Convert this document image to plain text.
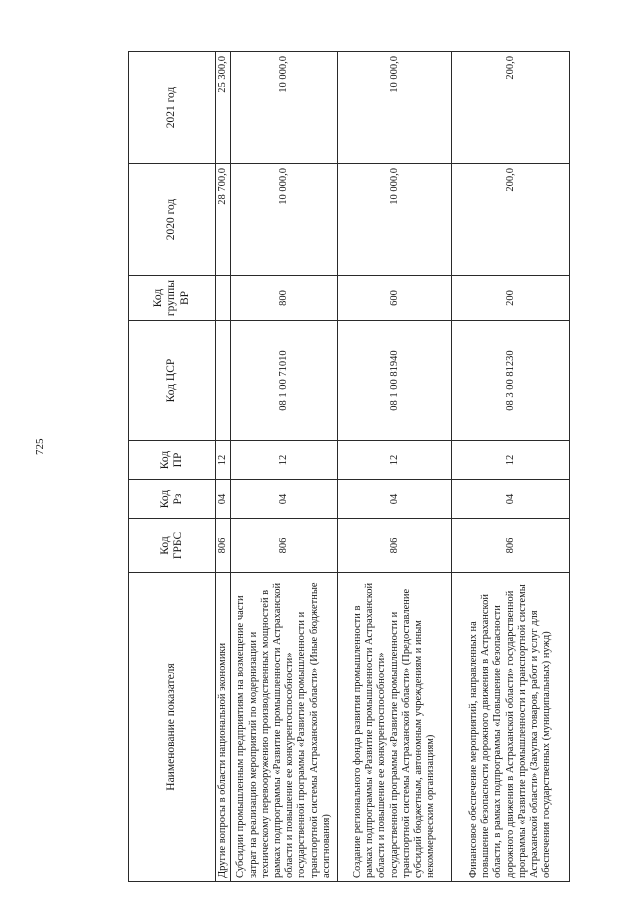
725
Наименование показателя	Код ГРБС	Код Рз	Код ПР	Код ЦСР	Код группы ВР	2020 год	2021 год
Другие вопросы в области национальной экономики	806	04	12			28 700,0	25 300,0
Субсидии промышленным предприятиям на возмещение части затрат на реализацию мероприятий по модернизации и техническому перевооружению производственных мощностей в рамках подпрограммы «Развитие промышленности Астраханской области и повышение ее конкурентоспособности» государственной программы «Развитие промышленности и транспортной системы Астраханской области» (Иные бюджетные ассигнования)	806	04	12	08 1 00 71010	800	10 000,0	10 000,0
Создание регионального фонда развития промышленности в рамках подпрограммы «Развитие промышленности Астраханской области и повышение ее конкурентоспособности» государственной программы «Развитие промышленности и транспортной системы Астраханской области» (Предоставление субсидий бюджетным, автономным учреждениям и иным некоммерческим организациям)	806	04	12	08 1 00 81940	600	10 000,0	10 000,0
Финансовое обеспечение мероприятий, направленных на повышение безопасности дорожного движения в Астраханской области, в рамках подпрограммы «Повышение безопасности дорожного движения в Астраханской области» государственной программы «Развитие промышленности и транспортной системы Астраханской области» (Закупка товаров, работ и услуг для обеспечения государственных (муниципальных) нужд)	806	04	12	08 3 00 81230	200	200,0	200,0
